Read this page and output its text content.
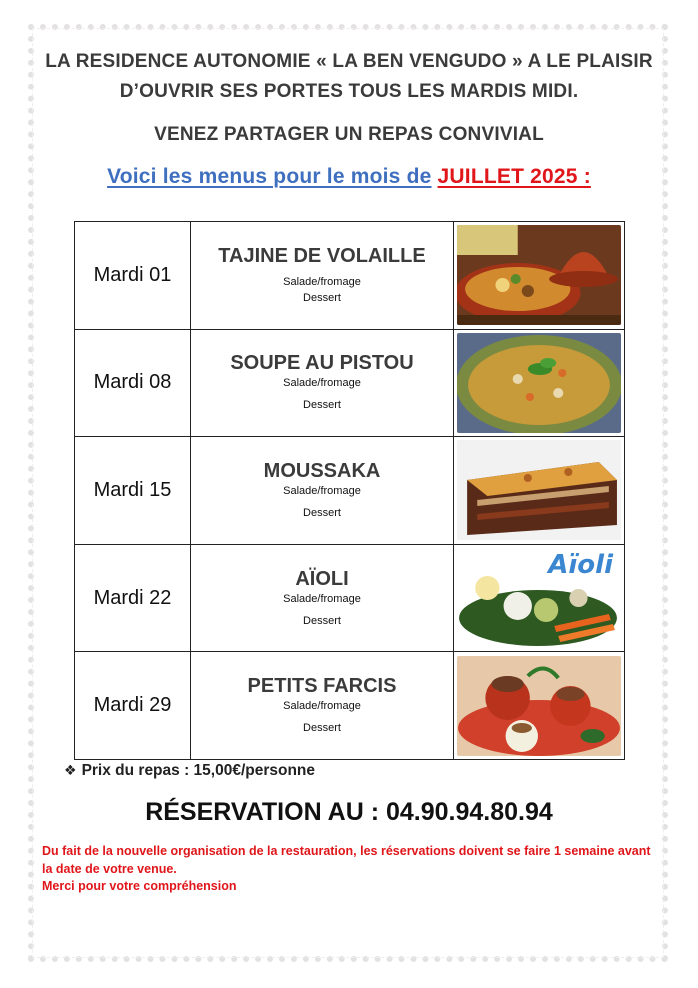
LA RESIDENCE AUTONOMIE « LA BEN VENGUDO » A LE PLAISIR D’OUVRIR SES PORTES TOUS LES MARDIS MIDI.
VENEZ PARTAGER UN REPAS CONVIVIAL
Voici les menus pour le mois de JUILLET 2025 :
Mardi 01	TAJINE DE VOLAILLE
Salade/fromage
Dessert

Mardi 08	SOUPE AU PISTOU
Salade/fromage
Dessert

Mardi 15	MOUSSAKA
Salade/fromage
Dessert

Mardi 22	AÏOLI
Salade/fromage
Dessert	Aïoli

Mardi 29	PETITS FARCIS
Salade/fromage
Dessert

❖ Prix du repas : 15,00€/personne
RÉSERVATION AU : 04.90.94.80.94
Du fait de la nouvelle organisation de la restauration, les réservations doivent se faire 1 semaine avant la date de votre venue.
Merci pour votre compréhension
